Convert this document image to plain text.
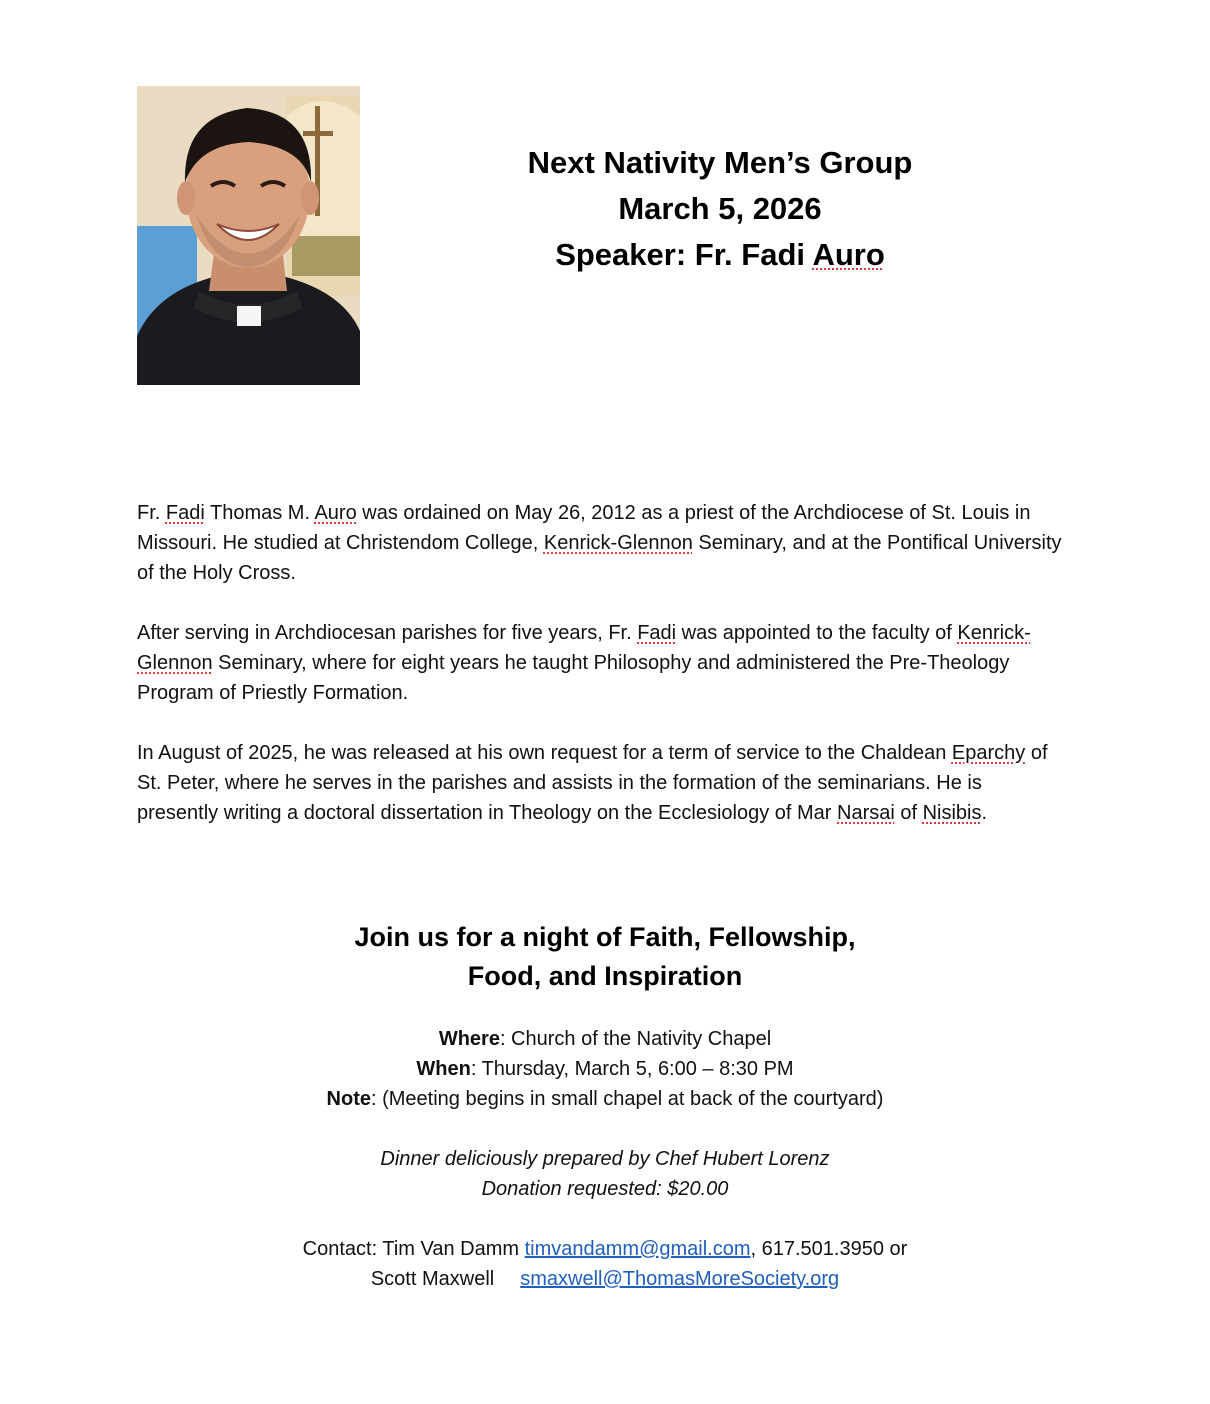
Next Nativity Men’s Group
March 5, 2026
Speaker: Fr. Fadi Auro

Fr. Fadi Thomas M. Auro was ordained on May 26, 2012 as a priest of the Archdiocese of St. Louis in Missouri. He studied at Christendom College, Kenrick-Glennon Seminary, and at the Pontifical University of the Holy Cross.

After serving in Archdiocesan parishes for five years, Fr. Fadi was appointed to the faculty of Kenrick-Glennon Seminary, where for eight years he taught Philosophy and administered the Pre-Theology Program of Priestly Formation.

In August of 2025, he was released at his own request for a term of service to the Chaldean Eparchy of St. Peter, where he serves in the parishes and assists in the formation of the seminarians. He is presently writing a doctoral dissertation in Theology on the Ecclesiology of Mar Narsai of Nisibis.

Join us for a night of Faith, Fellowship,
Food, and Inspiration
Where: Church of the Nativity Chapel
When: Thursday, March 5, 6:00 – 8:30 PM
Note: (Meeting begins in small chapel at back of the courtyard)
Dinner deliciously prepared by Chef Hubert Lorenz
Donation requested: $20.00
Contact: Tim Van Damm timvandamm@gmail.com, 617.501.3950 or
Scott Maxwell smaxwell@ThomasMoreSociety.org
